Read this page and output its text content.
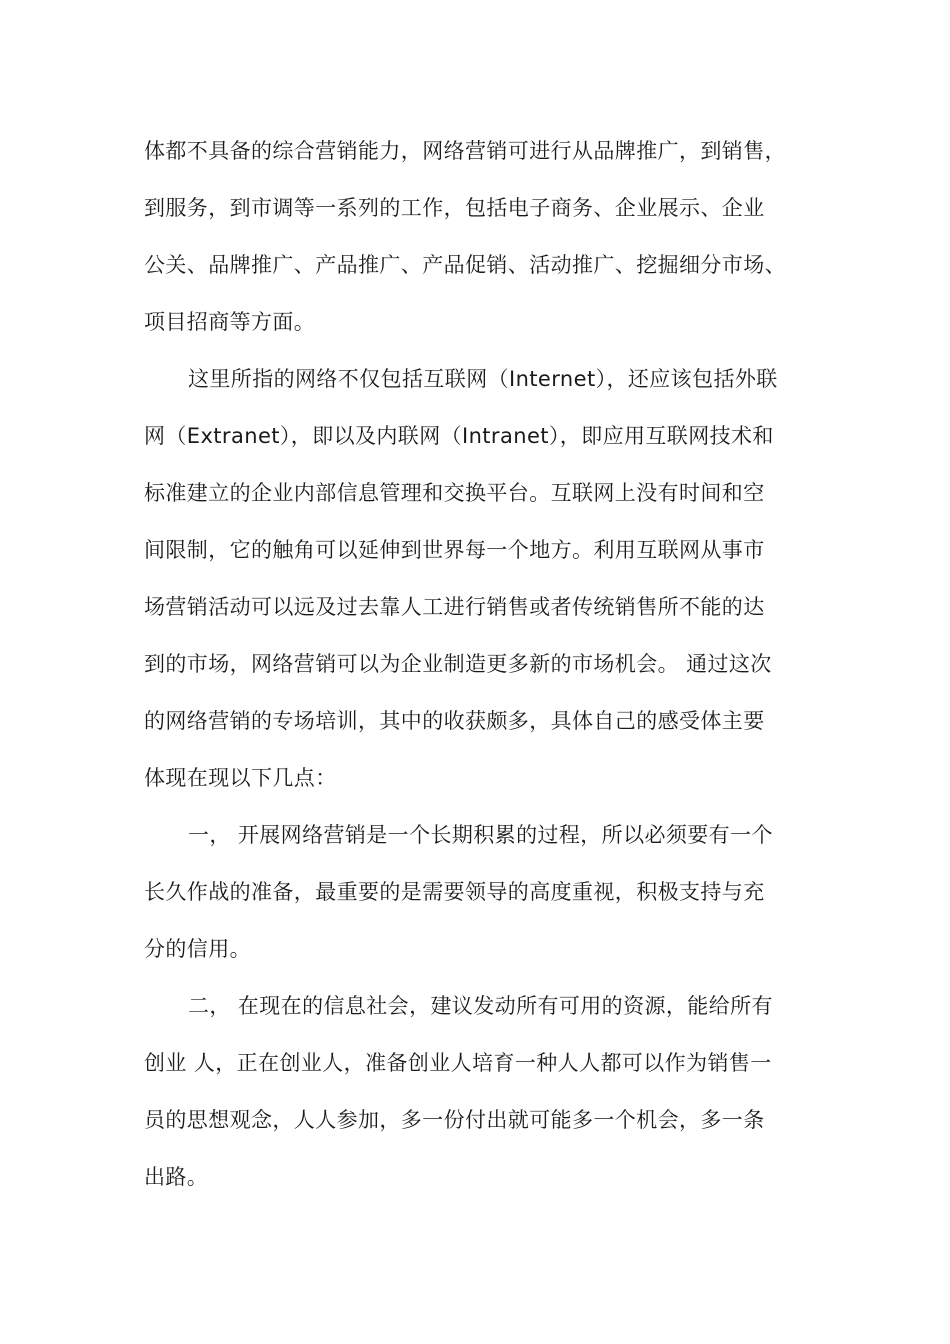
体都不具备的综合营销能力，网络营销可进行从品牌推广，到销售，
到服务，到市调等一系列的工作，包括电子商务、企业展示、企业
公关、品牌推广、产品推广、产品促销、活动推广、挖掘细分市场、
项目招商等方面。
这里所指的网络不仅包括互联网（Internet），还应该包括外联
网（Extranet），即以及内联网（Intranet），即应用互联网技术和
标准建立的企业内部信息管理和交换平台。互联网上没有时间和空
间限制，它的触角可以延伸到世界每一个地方。利用互联网从事市
场营销活动可以远及过去靠人工进行销售或者传统销售所不能的达
到的市场，网络营销可以为企业制造更多新的市场机会。 通过这次
的网络营销的专场培训，其中的收获颇多，具体自己的感受体主要
体现在现以下几点：
一， 开展网络营销是一个长期积累的过程，所以必须要有一个
长久作战的准备，最重要的是需要领导的高度重视，积极支持与充
分的信用。
二， 在现在的信息社会，建议发动所有可用的资源，能给所有
创业 人，正在创业人，准备创业人培育一种人人都可以作为销售一
员的思想观念，人人参加，多一份付出就可能多一个机会，多一条
出路。
